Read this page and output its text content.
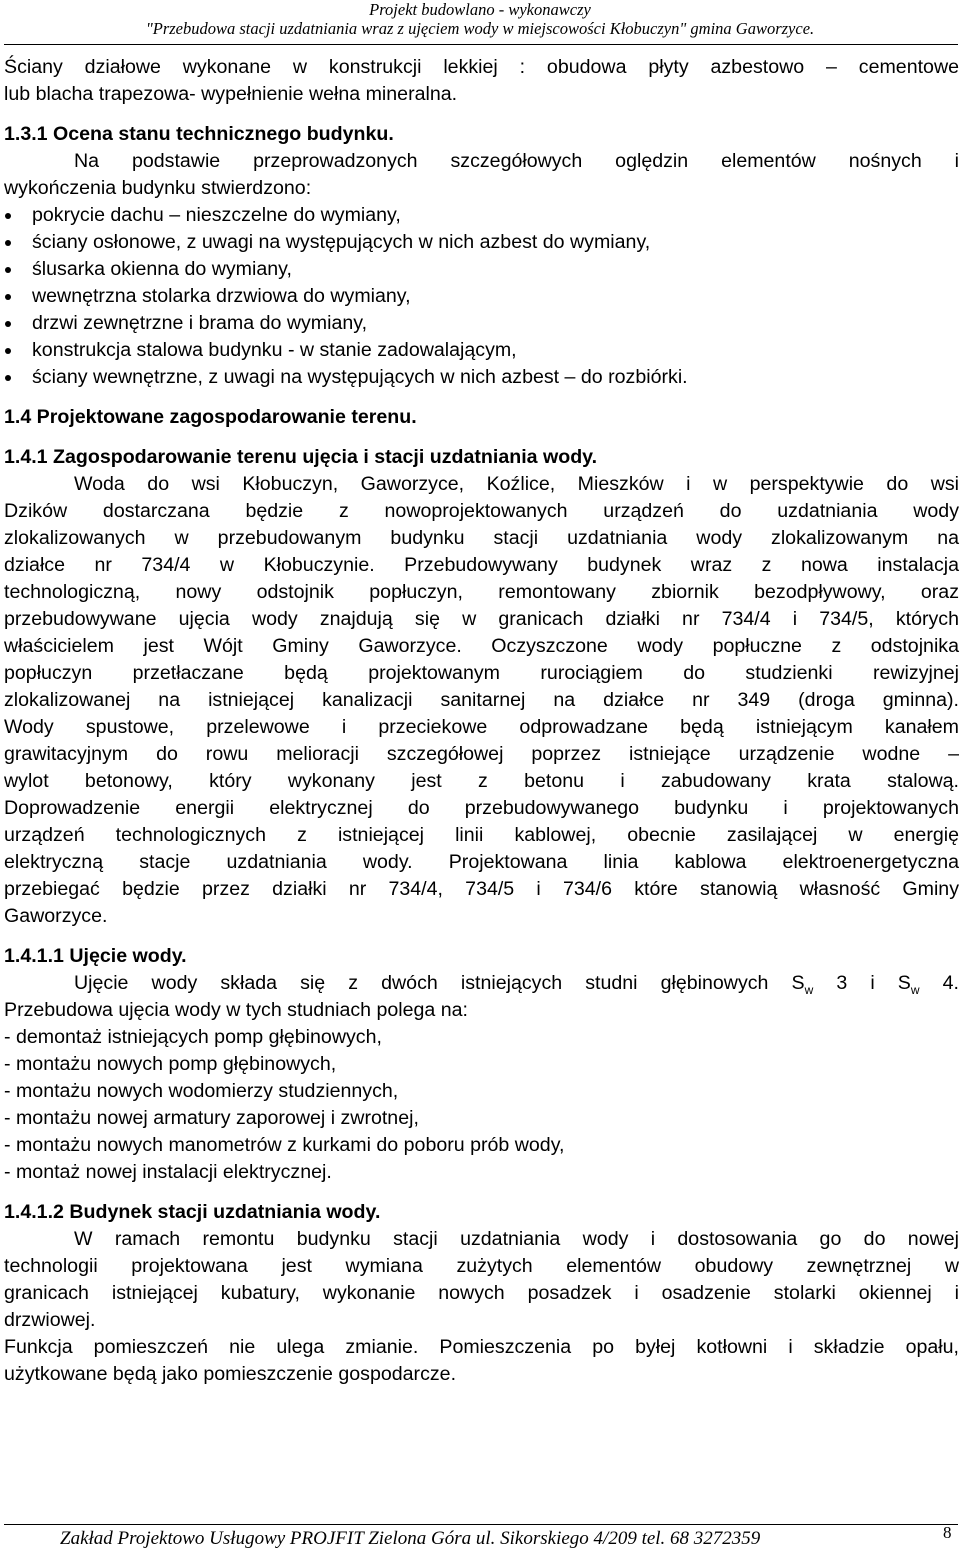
Projekt budowlano - wykonawczy

"Przebudowa stacji uzdatniania wraz z ujęciem wody w miejscowości Kłobuczyn" gmina Gaworzyce.

Ściany działowe wykonane w konstrukcji lekkiej : obudowa płyty azbestowo – cementowe

lub blacha trapezowa- wypełnienie wełna mineralna.

1.3.1 Ocena stanu technicznego budynku.

Na podstawie przeprowadzonych szczegółowych oględzin elementów nośnych i

wykończenia budynku stwierdzono:

pokrycie dachu – nieszczelne do wymiany,
ściany osłonowe, z uwagi na występujących w nich azbest do wymiany,
ślusarka okienna do wymiany,
wewnętrzna stolarka drzwiowa do wymiany,
drzwi zewnętrzne i brama do wymiany,
konstrukcja stalowa budynku - w stanie zadowalającym,
ściany wewnętrzne, z uwagi na występujących w nich azbest – do rozbiórki.
1.4 Projektowane zagospodarowanie terenu.
1.4.1 Zagospodarowanie terenu ujęcia i stacji uzdatniania wody.

Woda do wsi Kłobuczyn, Gaworzyce, Koźlice, Mieszków i w perspektywie do wsi

Dzików dostarczana będzie z nowoprojektowanych urządzeń do uzdatniania wody

zlokalizowanych w przebudowanym budynku stacji uzdatniania wody zlokalizowanym na

działce nr 734/4 w Kłobuczynie. Przebudowywany budynek wraz z nowa instalacja

technologiczną, nowy odstojnik popłuczyn, remontowany zbiornik bezodpływowy, oraz

przebudowywane ujęcia wody znajdują się w granicach działki nr 734/4 i 734/5, których

właścicielem jest Wójt Gminy Gaworzyce. Oczyszczone wody popłuczne z odstojnika

popłuczyn przetłaczane będą projektowanym rurociągiem do studzienki rewizyjnej

zlokalizowanej na istniejącej kanalizacji sanitarnej na działce nr 349 (droga gminna).

Wody spustowe, przelewowe i przeciekowe odprowadzane będą istniejącym kanałem

grawitacyjnym do rowu melioracji szczegółowej poprzez istniejące urządzenie wodne –

wylot betonowy, który wykonany jest z betonu i zabudowany krata stalową.

Doprowadzenie energii elektrycznej do przebudowywanego budynku i projektowanych

urządzeń technologicznych z istniejącej linii kablowej, obecnie zasilającej w energię

elektryczną stacje uzdatniania wody. Projektowana linia kablowa elektroenergetyczna

przebiegać będzie przez działki nr 734/4, 734/5 i 734/6 które stanowią własność Gminy

Gaworzyce.

1.4.1.1 Ujęcie wody.

Ujęcie wody składa się z dwóch istniejących studni głębinowych $S_w$ 3 i $S_w$ 4.

Przebudowa ujęcia wody w tych studniach polega na:

- demontaż istniejących pomp głębinowych,

- montażu nowych pomp głębinowych,

- montażu nowych wodomierzy studziennych,

- montażu nowej armatury zaporowej i zwrotnej,

- montażu nowych manometrów z kurkami do poboru prób wody,

- montaż nowej instalacji elektrycznej.

1.4.1.2 Budynek stacji uzdatniania wody.

W ramach remontu budynku stacji uzdatniania wody i dostosowania go do nowej

technologii projektowana jest wymiana zużytych elementów obudowy zewnętrznej w

granicach istniejącej kubatury, wykonanie nowych posadzek i osadzenie stolarki okiennej i

drzwiowej.

Funkcja pomieszczeń nie ulega zmianie. Pomieszczenia po byłej kotłowni i składzie opału,

użytkowane będą jako pomieszczenie gospodarcze.

Zakład Projektowo Usługowy PROJFIT Zielona Góra ul. Sikorskiego 4/209 tel. 68 3272359	8
